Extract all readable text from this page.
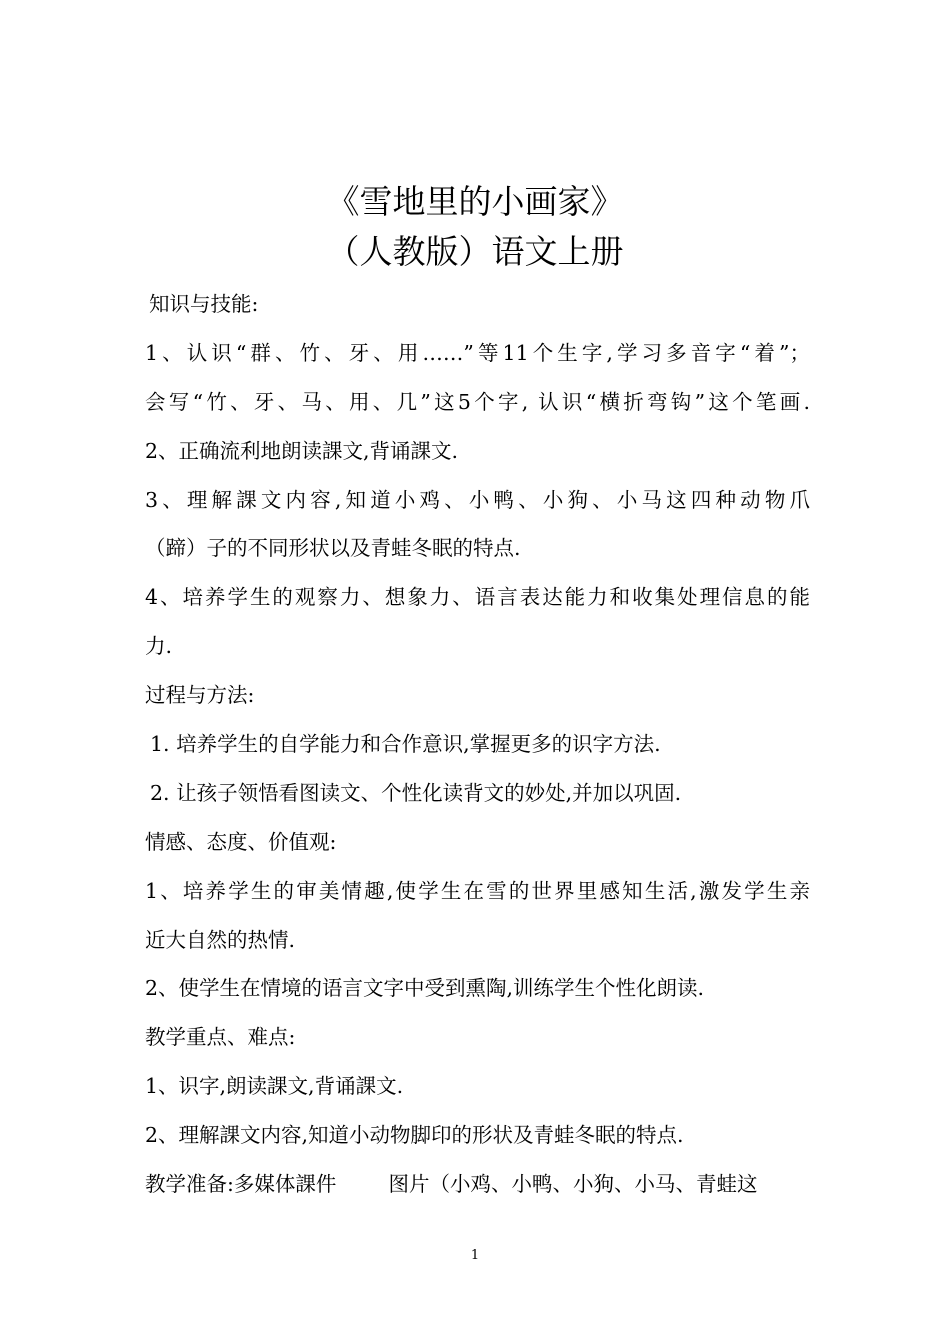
《雪地里的小画家》
（人教版）语文上册
知识与技能:
1、认识“群、竹、牙、用……”等11个生字,学习多音字“着”；
会写“竹、牙、马、用、几”这5个字, 认识“横折弯钩”这个笔画.
2、正确流利地朗读課文,背诵課文.
3、理解課文内容,知道小鸡、小鸭、小狗、小马这四种动物爪
（蹄）子的不同形状以及青蛙冬眠的特点.
4、培养学生的观察力、想象力、语言表达能力和收集处理信息的能
力.
过程与方法:
1. 培养学生的自学能力和合作意识,掌握更多的识字方法.
2. 让孩子领悟看图读文、个性化读背文的妙处,并加以巩固.
情感、态度、价值观:
1、培养学生的审美情趣,使学生在雪的世界里感知生活,激发学生亲
近大自然的热情.
2、使学生在情境的语言文字中受到熏陶,训练学生个性化朗读.
教学重点、难点:
1、识字,朗读課文,背诵課文.
2、理解課文内容,知道小动物脚印的形状及青蛙冬眠的特点.
教学准备:多媒体課件        图片（小鸡、小鸭、小狗、小马、青蛙这
1
